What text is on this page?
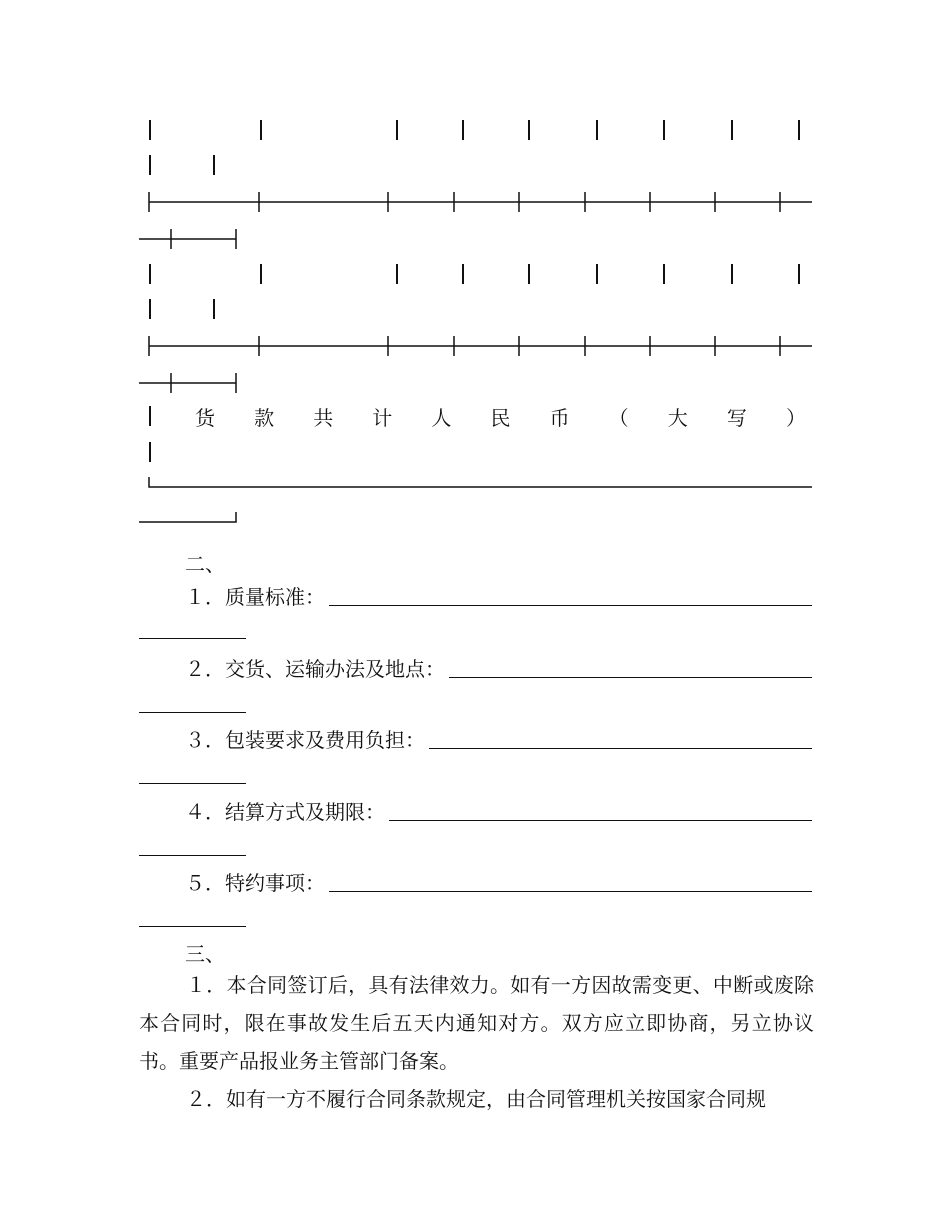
货 款 共 计 人 民 币 （ 大 写 ）
二、
１．质量标准：
２．交货、运输办法及地点：
３．包装要求及费用负担：
４．结算方式及期限：
５．特约事项：
三、

１．本合同签订后，具有法律效力。如有一方因故需变更、中断或废除本合同时，限在事故发生后五天内通知对方。双方应立即协商，另立协议书。重要产品报业务主管部门备案。

２．如有一方不履行合同条款规定，由合同管理机关按国家合同规
